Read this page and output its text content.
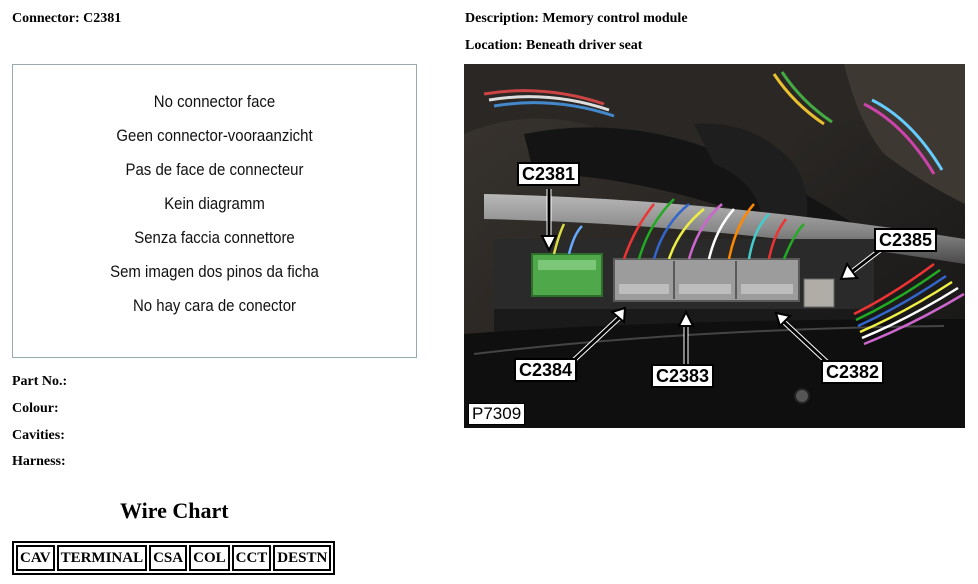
Connector: C2381	Description: Memory control module
Location: Beneath driver seat
No connector face
Geen connector-vooraanzicht
Pas de face de connecteur
Kein diagramm
Senza faccia connettore
Sem imagen dos pinos da ficha
No hay cara de conector
Part No.:
Colour:
Cavities:
Harness:
Wire Chart
CAV	TERMINAL	CSA	COL	CCT	DESTN
C2381
C2385
C2384	C2383	C2382
P7309
